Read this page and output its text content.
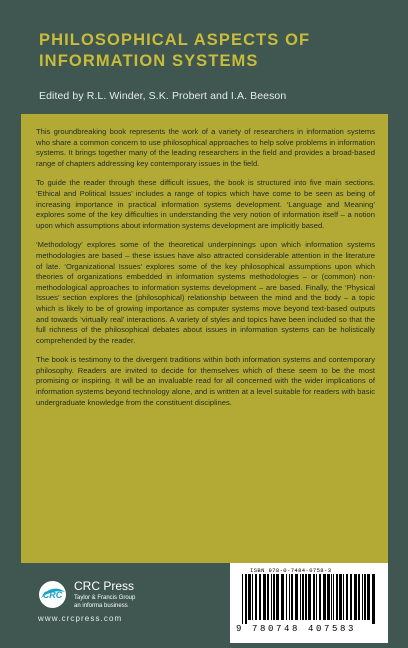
PHILOSOPHICAL ASPECTS OF
INFORMATION SYSTEMS
Edited by R.L. Winder, S.K. Probert and I.A. Beeson

This groundbreaking book represents the work of a variety of researchers in information systems who share a common concern to use philosophical approaches to help solve problems in information systems. It brings together many of the leading researchers in the field and provides a broad-based range of chapters addressing key contemporary issues in the field.

To guide the reader through these difficult issues, the book is structured into five main sections. ‘Ethical and Political Issues’ includes a range of topics which have come to be seen as being of increasing importance in practical information systems development. ‘Language and Meaning’ explores some of the key difficulties in understanding the very notion of information itself – a notion upon which assumptions about information systems development are implicitly based.

‘Methodology’ explores some of the theoretical underpinnings upon which information systems methodologies are based – these issues have also attracted considerable attention in the literature of late. ‘Organizational Issues’ explores some of the key philosophical assumptions upon which theories of organizations embedded in information systems methodologies – or (common) non-methodological approaches to information systems development – are based. Finally, the ‘Physical Issues’ section explores the (philosophical) relationship between the mind and the body – a topic which is likely to be of growing importance as computer systems move beyond text-based outputs and towards ‘virtually real’ interactions. A variety of styles and topics have been included so that the full richness of the philosophical debates about issues in information systems can be holistically comprehended by the reader.

The book is testimony to the divergent traditions within both information systems and contemporary philosophy. Readers are invited to decide for themselves which of these seem to be the most promising or inspiring. It will be an invaluable read for all concerned with the wider implications of information systems beyond technology alone, and is written at a level suitable for readers with basic undergraduate knowledge from the constituent disciplines.

CRC
CRC Press
Taylor & Francis Group
an informa business
www.crcpress.com
ISBN 978-0-7484-0758-3
9 780748 407583
